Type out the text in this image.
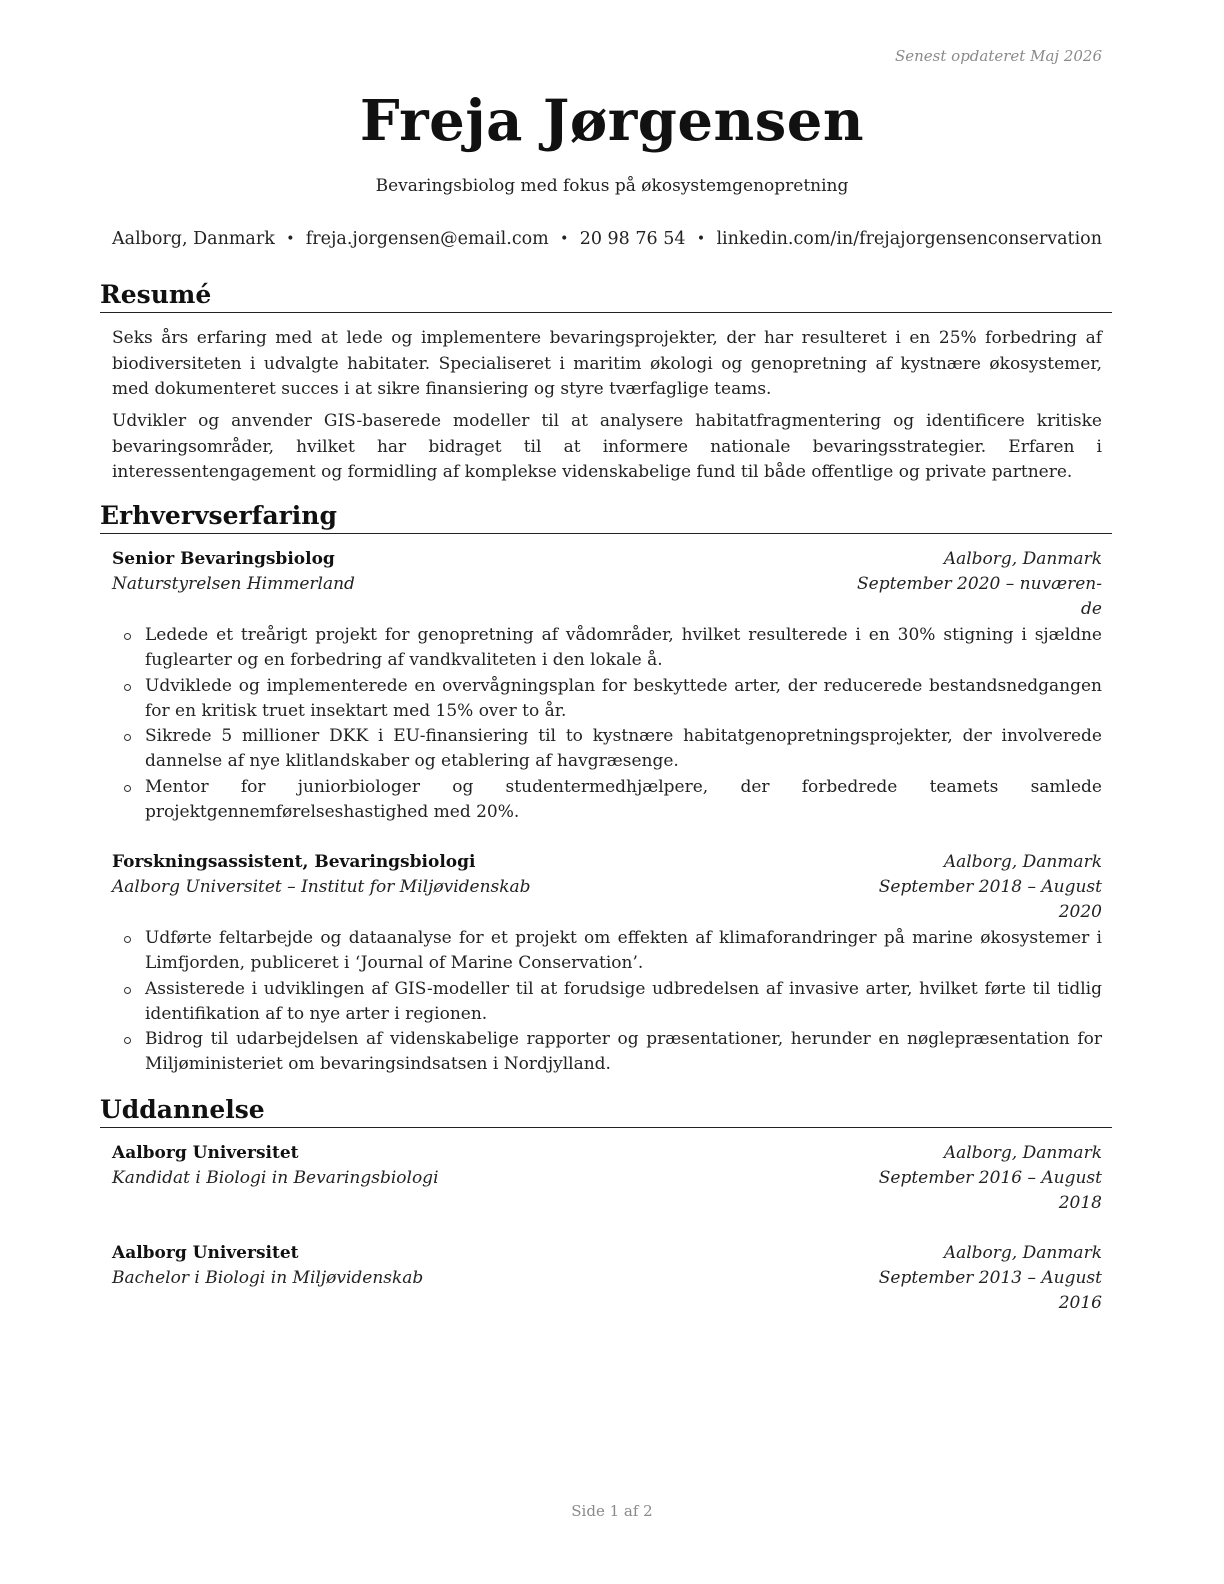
Senest opdateret Maj 2026
Freja Jørgensen
Bevaringsbiolog med fokus på økosystemgenopretning
Aalborg, Danmark • freja.jorgensen@email.com • 20 98 76 54 • linkedin.com/in/frejajorgensenconservation
Resumé
Seks års erfaring med at lede og implementere bevaringsprojekter, der har resulteret i en 25% forbedring af biodiversiteten i udvalgte habitater. Specialiseret i maritim økologi og genopretning af kystnære økosystemer, med dokumenteret succes i at sikre finansiering og styre tværfaglige teams.
Udvikler og anvender GIS-baserede modeller til at analysere habitatfragmentering og identificere kritiske bevaringsområder, hvilket har bidraget til at informere nationale bevaringsstrategier. Erfaren i interessentengagement og formidling af komplekse videnskabelige fund til både offentlige og private partnere.
Erhvervserfaring
Senior Bevaringsbiolog	Aalborg, Danmark
Naturstyrelsen Himmerland	September 2020 – nuværen-
de
Ledede et treårigt projekt for genopretning af vådområder, hvilket resulterede i en 30% stigning i sjældne fuglearter og en forbedring af vandkvaliteten i den lokale å.
Udviklede og implementerede en overvågningsplan for beskyttede arter, der reducerede bestandsnedgangen for en kritisk truet insektart med 15% over to år.
Sikrede 5 millioner DKK i EU-finansiering til to kystnære habitatgenopretningsprojekter, der involverede dannelse af nye klitlandskaber og etablering af havgræsenge.
Mentor for juniorbiologer og studentermedhjælpere, der forbedrede teamets samlede projektgennemførelseshastighed med 20%.
Forskningsassistent, Bevaringsbiologi	Aalborg, Danmark
Aalborg Universitet – Institut for Miljøvidenskab	September 2018 – August
2020
Udførte feltarbejde og dataanalyse for et projekt om effekten af klimaforandringer på marine økosystemer i Limfjorden, publiceret i ‘Journal of Marine Conservation’.
Assisterede i udviklingen af GIS-modeller til at forudsige udbredelsen af invasive arter, hvilket førte til tidlig identifikation af to nye arter i regionen.
Bidrog til udarbejdelsen af videnskabelige rapporter og præsentationer, herunder en nøglepræsentation for Miljøministeriet om bevaringsindsatsen i Nordjylland.
Uddannelse
Aalborg Universitet	Aalborg, Danmark
Kandidat i Biologi in Bevaringsbiologi	September 2016 – August
2018
Aalborg Universitet	Aalborg, Danmark
Bachelor i Biologi in Miljøvidenskab	September 2013 – August
2016
Side 1 af 2
